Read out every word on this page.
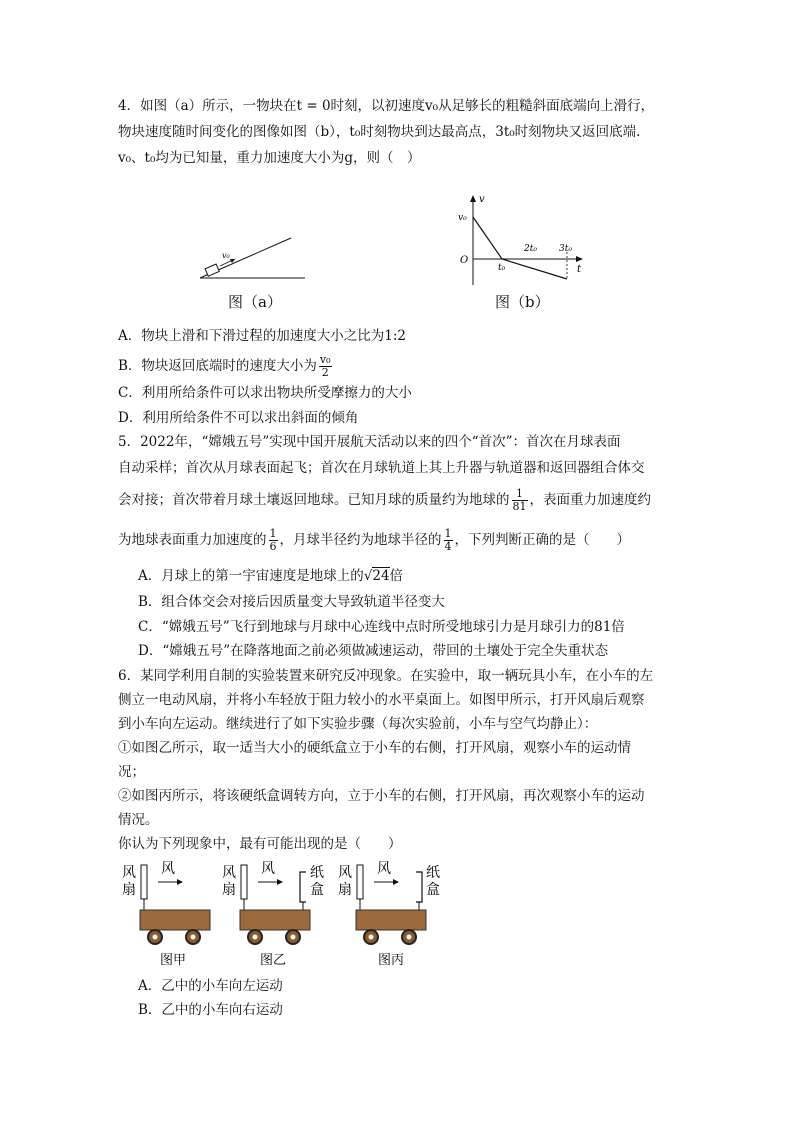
4．如图（a）所示，一物块在t = 0时刻，以初速度v₀从足够长的粗糙斜面底端向上滑行，
物块速度随时间变化的图像如图（b），t₀时刻物块到达最高点，3t₀时刻物块又返回底端.
v₀、t₀均为已知量，重力加速度大小为g，则（　）
v₀
图（a）
v
t
O
v₀
t₀
2t₀ 3t₀
图（b）
A．物块上滑和下滑过程的加速度大小之比为1:2
B．物块返回底端时的速度大小为 $\frac{\text{v₀}}{2}$
C．利用所给条件可以求出物块所受摩擦力的大小
D．利用所给条件不可以求出斜面的倾角
5．2022年，“嫦娥五号”实现中国开展航天活动以来的四个“首次”：首次在月球表面
自动采样；首次从月球表面起飞；首次在月球轨道上其上升器与轨道器和返回器组合体交
会对接；首次带着月球土壤返回地球。已知月球的质量约为地球的 $\frac{1}{81}$ ，表面重力加速度约
为地球表面重力加速度的 $\frac{1}{6}$ ，月球半径约为地球半径的 $\frac{1}{4}$ ，下列判断正确的是（　　）
A．月球上的第一宇宙速度是地球上的√24倍
B．组合体交会对接后因质量变大导致轨道半径变大
C．“嫦娥五号”飞行到地球与月球中心连线中点时所受地球引力是月球引力的81倍
D．“嫦娥五号”在降落地面之前必须做减速运动，带回的土壤处于完全失重状态
6．某同学利用自制的实验装置来研究反冲现象。在实验中，取一辆玩具小车，在小车的左
侧立一电动风扇，并将小车轻放于阻力较小的水平桌面上。如图甲所示，打开风扇后观察
到小车向左运动。继续进行了如下实验步骤（每次实验前，小车与空气均静止）：
①如图乙所示，取一适当大小的硬纸盒立于小车的右侧，打开风扇，观察小车的运动情
况；
②如图丙所示，将该硬纸盒调转方向，立于小车的右侧，打开风扇，再次观察小车的运动
情况。
你认为下列现象中，最有可能出现的是（　　）
风
扇
风
图甲
风
扇
风	纸
盒
图乙
风
扇
风	纸
盒
图丙
A．乙中的小车向左运动
B．乙中的小车向右运动
